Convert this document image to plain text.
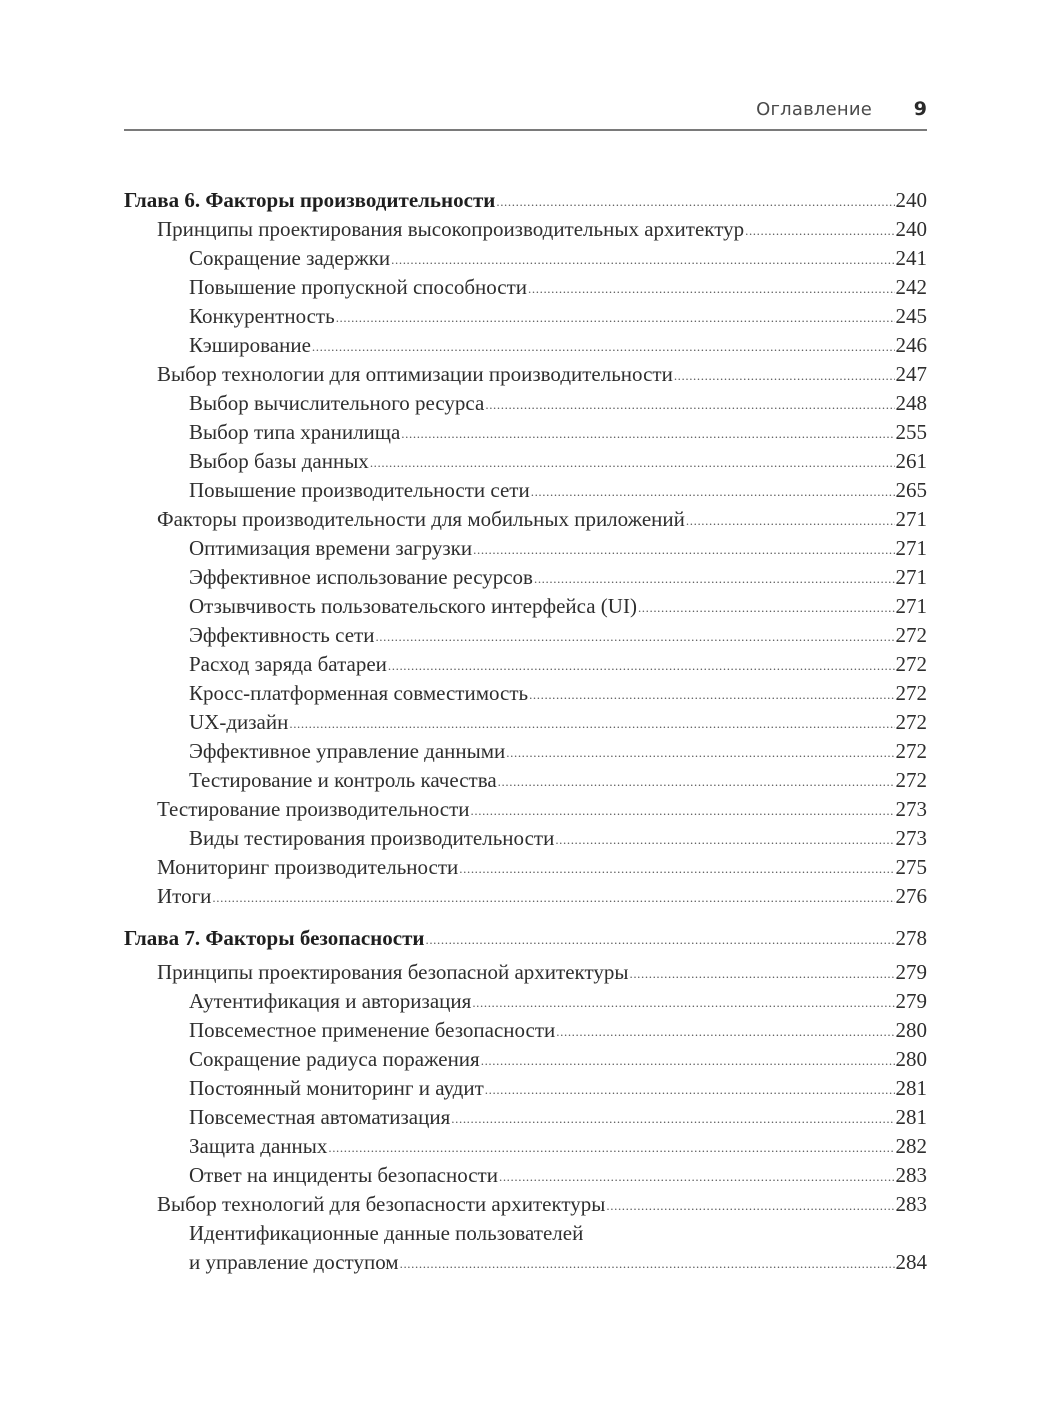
Оглавление 9
Глава 6. Факторы производительности .....	240
Принципы проектирования высокопроизводительных архитектур .....	240
Сокращение задержки .....	241
Повышение пропускной способности .....	242
Конкурентность .....	245
Кэширование .....	246
Выбор технологии для оптимизации производительности .....	247
Выбор вычислительного ресурса .....	248
Выбор типа хранилища .....	255
Выбор базы данных .....	261
Повышение производительности сети .....	265
Факторы производительности для мобильных приложений .....	271
Оптимизация времени загрузки .....	271
Эффективное использование ресурсов .....	271
Отзывчивость пользовательского интерфейса (UI) .....	271
Эффективность сети .....	272
Расход заряда батареи .....	272
Кросс-платформенная совместимость .....	272
UX-дизайн .....	272
Эффективное управление данными .....	272
Тестирование и контроль качества .....	272
Тестирование производительности .....	273
Виды тестирования производительности .....	273
Мониторинг производительности .....	275
Итоги .....	276
Глава 7. Факторы безопасности .....	278
Принципы проектирования безопасной архитектуры .....	279
Аутентификация и авторизация .....	279
Повсеместное применение безопасности .....	280
Сокращение радиуса поражения .....	280
Постоянный мониторинг и аудит .....	281
Повсеместная автоматизация .....	281
Защита данных .....	282
Ответ на инциденты безопасности .....	283
Выбор технологий для безопасности архитектуры .....	283
Идентификационные данные пользователей
и управление доступом .....	284
